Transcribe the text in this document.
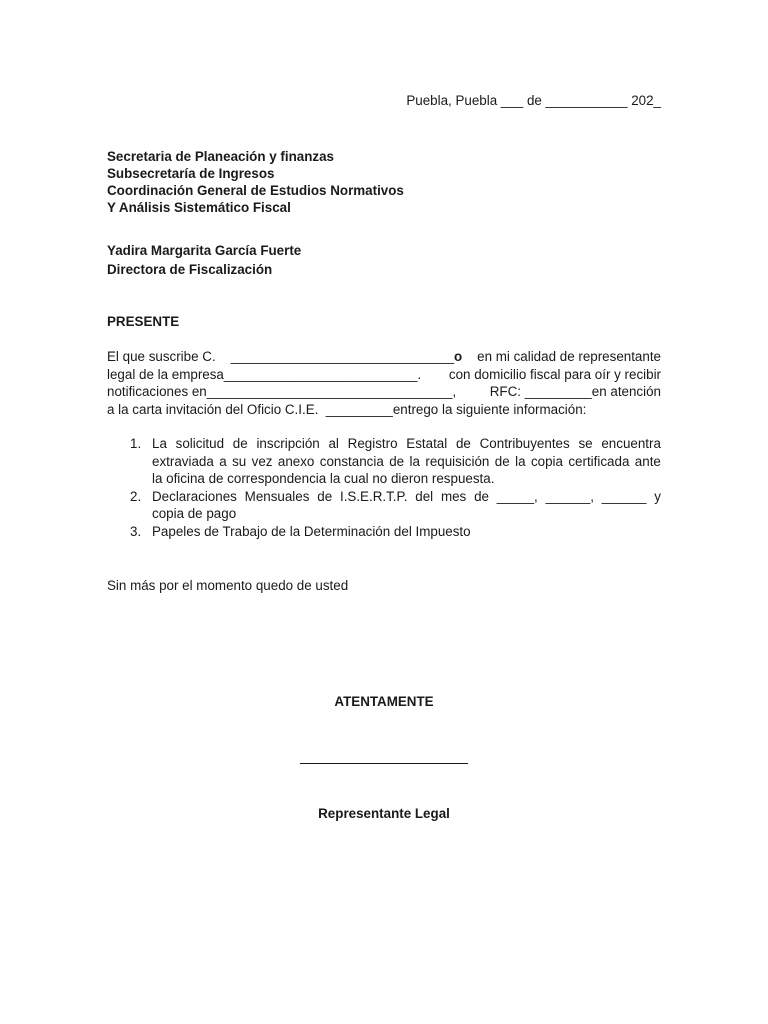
Puebla, Puebla ___ de ___________ 202_
Secretaria de Planeación y finanzas
Subsecretaría de Ingresos
Coordinación General de Estudios Normativos
Y Análisis Sistemático Fiscal
Yadira Margarita García Fuerte
Directora de Fiscalización
PRESENTE
El que suscribe C. ______________________________o en mi calidad de representante
legal de la empresa__________________________. con domicilio fiscal para oír y recibir
notificaciones en_________________________________,	RFC: _________en atención
a la carta invitación del Oficio C.I.E.  _________entrego la siguiente información:
1. La solicitud de inscripción al Registro Estatal de Contribuyentes se encuentra
extraviada a su vez anexo constancia de la requisición de la copia certificada ante
la oficina de correspondencia la cual no dieron respuesta.
2. Declaraciones Mensuales de I.S.E.R.T.P. del mes de _____, ______, ______ y
copia de pago
3. Papeles de Trabajo de la Determinación del Impuesto
Sin más por el momento quedo de usted
ATENTAMENTE
Representante Legal
